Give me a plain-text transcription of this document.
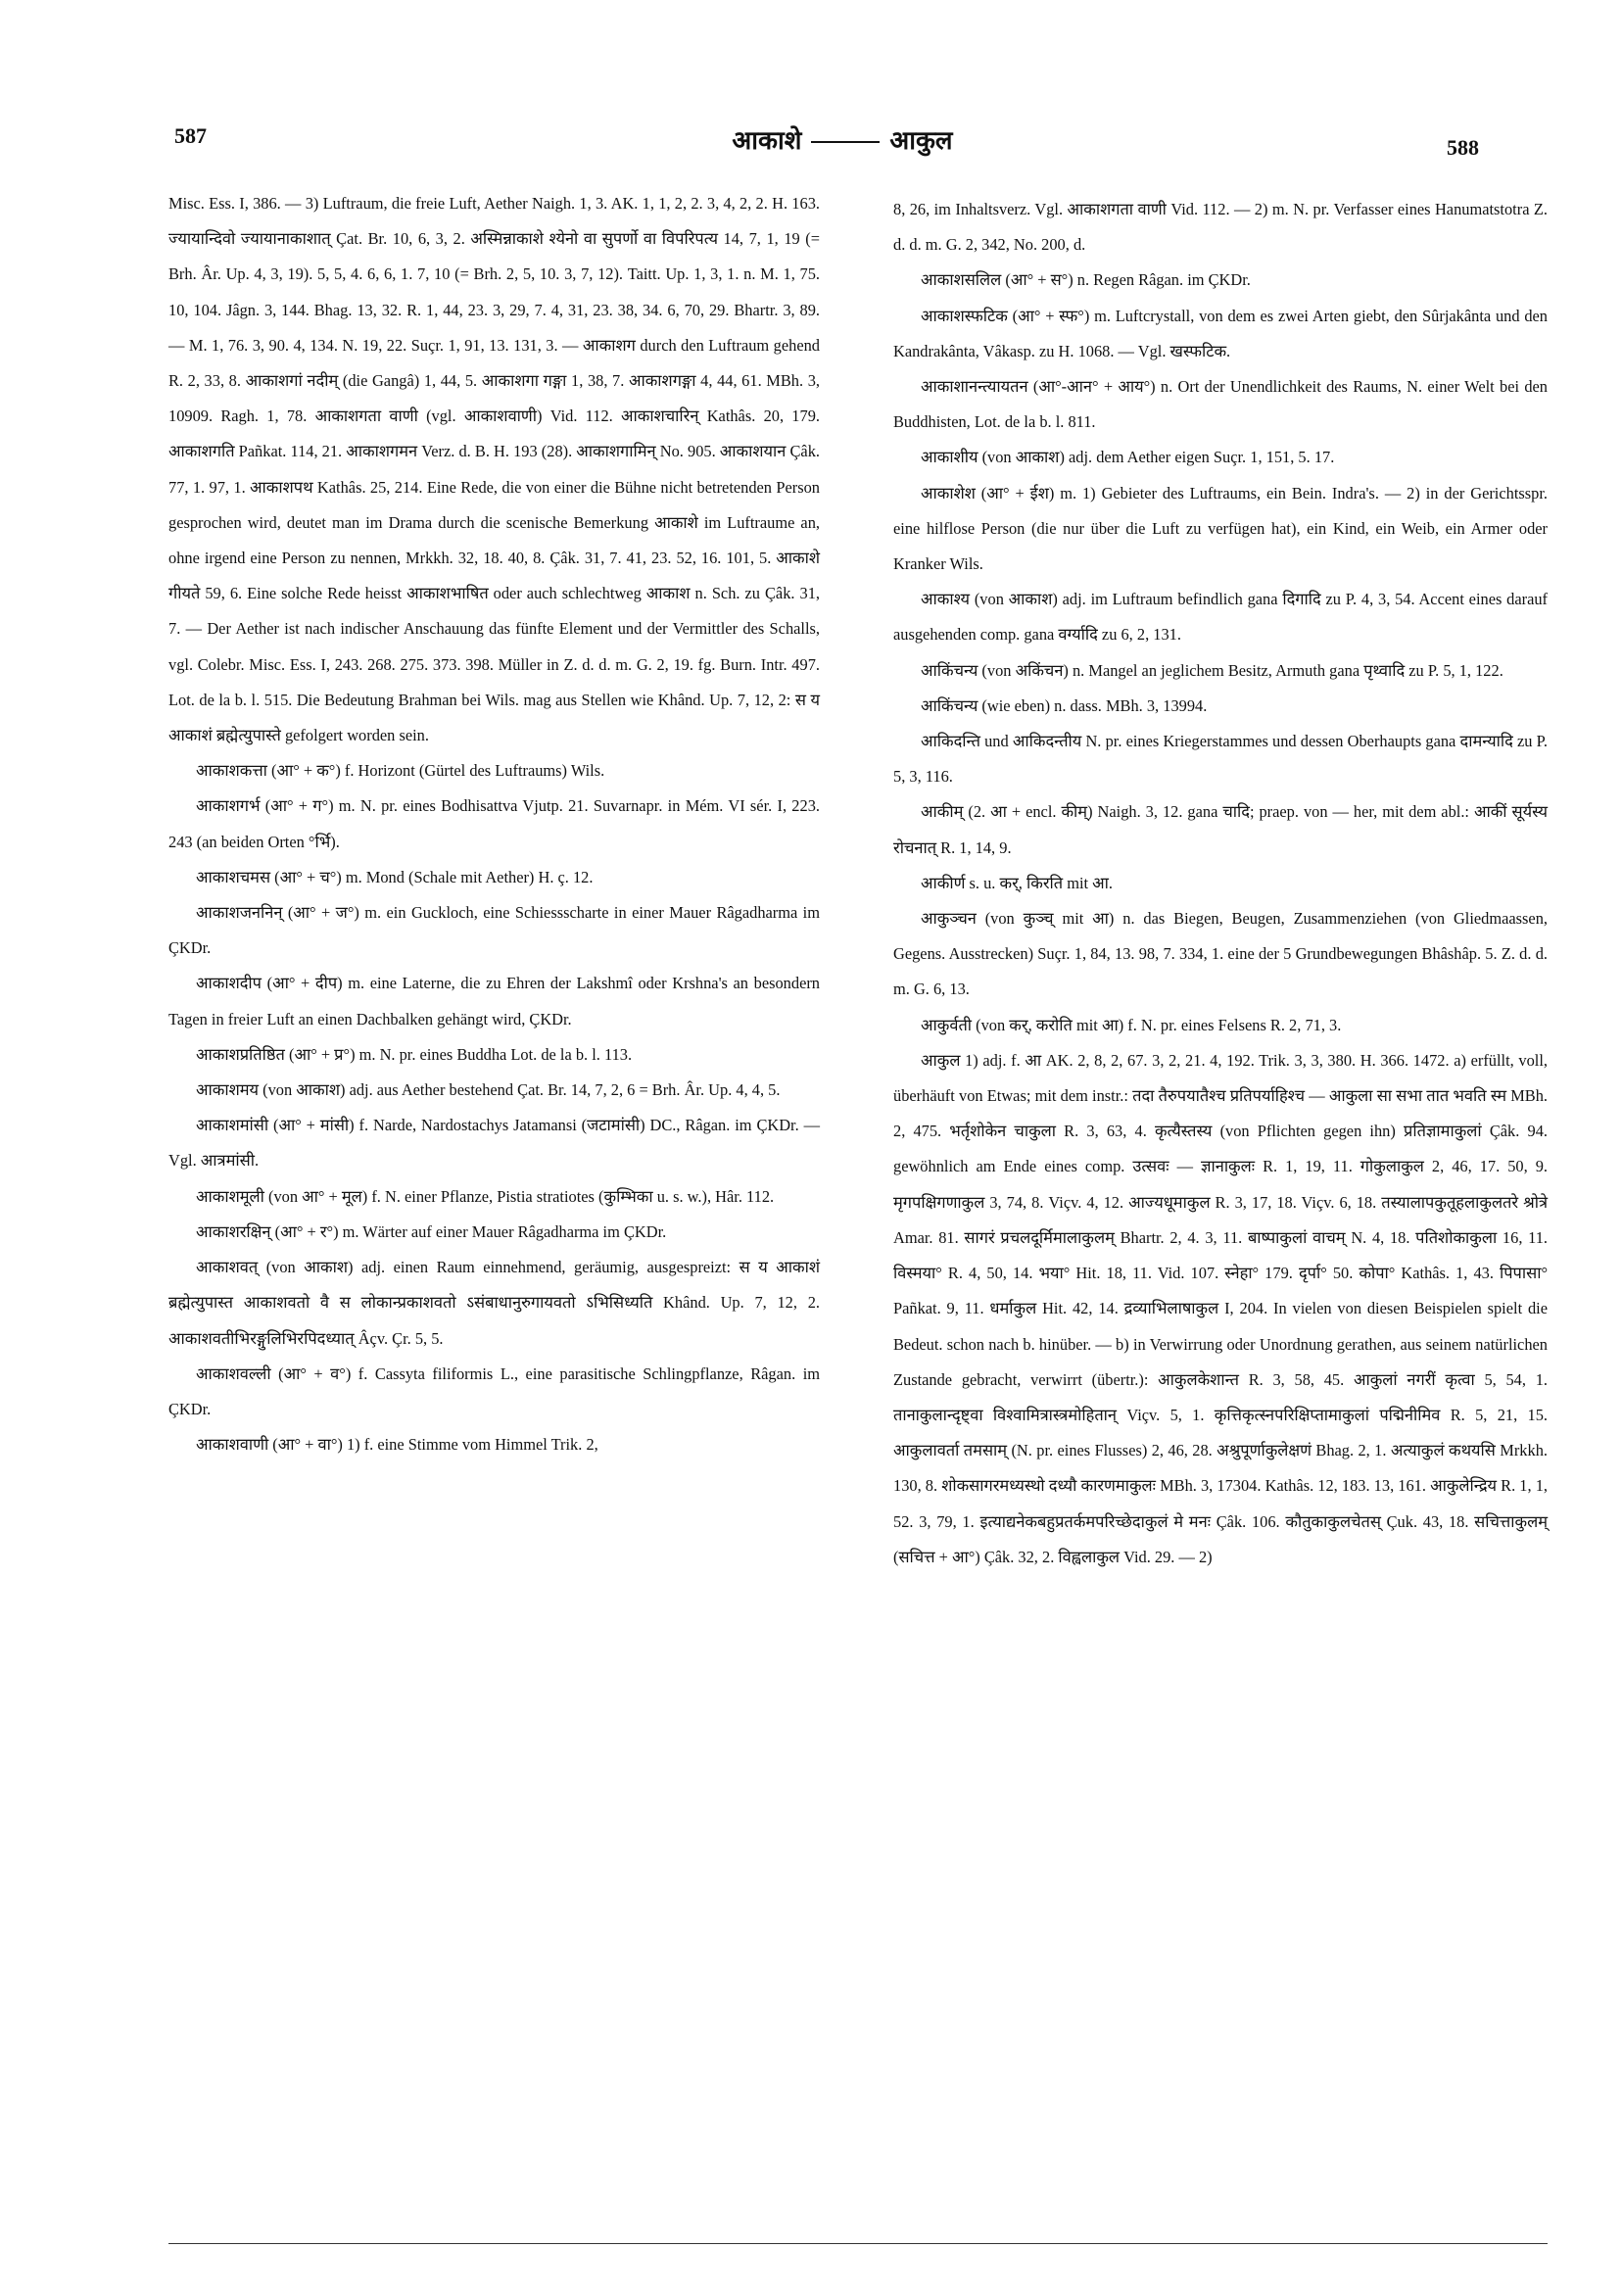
587	आकाशे	आकुल	588

Misc. Ess. I, 386. — 3) Luftraum, die freie Luft, Aether Naigh. 1, 3. AK. 1, 1, 2, 2. 3, 4, 2, 2. H. 163. ज्यायान्दिवो ज्यायानाकाशात् Çat. Br. 10, 6, 3, 2. अस्मिन्नाकाशे श्येनो वा सुपर्णो वा विपरिपत्य 14, 7, 1, 19 (= Brh. Âr. Up. 4, 3, 19). 5, 5, 4. 6, 6, 1. 7, 10 (= Brh. 2, 5, 10. 3, 7, 12). Taitt. Up. 1, 3, 1. n. M. 1, 75. 10, 104. Jâgn. 3, 144. Bhag. 13, 32. R. 1, 44, 23. 3, 29, 7. 4, 31, 23. 38, 34. 6, 70, 29. Bhartr. 3, 89. — M. 1, 76. 3, 90. 4, 134. N. 19, 22. Suçr. 1, 91, 13. 131, 3. — आकाशग durch den Luftraum gehend R. 2, 33, 8. आकाशगां नदीम् (die Gangâ) 1, 44, 5. आकाशगा गङ्गा 1, 38, 7. आकाशगङ्गा 4, 44, 61. MBh. 3, 10909. Ragh. 1, 78. आकाशगता वाणी (vgl. आकाशवाणी) Vid. 112. आकाशचारिन् Kathâs. 20, 179. आकाशगति Pañkat. 114, 21. आकाशगमन Verz. d. B. H. 193 (28). आकाशगामिन् No. 905. आकाशयान Çâk. 77, 1. 97, 1. आकाशपथ Kathâs. 25, 214. Eine Rede, die von einer die Bühne nicht betretenden Person gesprochen wird, deutet man im Drama durch die scenische Bemerkung आकाशे im Luftraume an, ohne irgend eine Person zu nennen, Mrkkh. 32, 18. 40, 8. Çâk. 31, 7. 41, 23. 52, 16. 101, 5. आकाशे गीयते 59, 6. Eine solche Rede heisst आकाशभाषित oder auch schlechtweg आकाश n. Sch. zu Çâk. 31, 7. — Der Aether ist nach indischer Anschauung das fünfte Element und der Vermittler des Schalls, vgl. Colebr. Misc. Ess. I, 243. 268. 275. 373. 398. Müller in Z. d. d. m. G. 2, 19. fg. Burn. Intr. 497. Lot. de la b. l. 515. Die Bedeutung Brahman bei Wils. mag aus Stellen wie Khând. Up. 7, 12, 2: स य आकाशं ब्रह्मेत्युपास्ते gefolgert worden sein.

आकाशकत्ता (आ° + क°) f. Horizont (Gürtel des Luftraums) Wils.

आकाशगर्भ (आ° + ग°) m. N. pr. eines Bodhisattva Vjutp. 21. Suvarnapr. in Mém. VI sér. I, 223. 243 (an beiden Orten °र्भि).

आकाशचमस (आ° + च°) m. Mond (Schale mit Aether) H. ç. 12.

आकाशजननिन् (आ° + ज°) m. ein Guckloch, eine Schiessscharte in einer Mauer Râgadharma im ÇKDr.

आकाशदीप (आ° + दीप) m. eine Laterne, die zu Ehren der Lakshmî oder Krshna's an besondern Tagen in freier Luft an einen Dachbalken gehängt wird, ÇKDr.

आकाशप्रतिष्ठित (आ° + प्र°) m. N. pr. eines Buddha Lot. de la b. l. 113.

आकाशमय (von आकाश) adj. aus Aether bestehend Çat. Br. 14, 7, 2, 6 = Brh. Âr. Up. 4, 4, 5.

आकाशमांसी (आ° + मांसी) f. Narde, Nardostachys Jatamansi (जटामांसी) DC., Râgan. im ÇKDr. — Vgl. आत्रमांसी.

आकाशमूली (von आ° + मूल) f. N. einer Pflanze, Pistia stratiotes (कुम्भिका u. s. w.), Hâr. 112.

आकाशरक्षिन् (आ° + र°) m. Wärter auf einer Mauer Râgadharma im ÇKDr.

आकाशवत् (von आकाश) adj. einen Raum einnehmend, geräumig, ausgespreizt: स य आकाशं ब्रह्मेत्युपास्त आकाशवतो वै स लोकान्प्रकाशवतो ऽसंबाधानुरुगायवतो ऽभिसिध्यति Khând. Up. 7, 12, 2. आकाशवतीभिरङ्गुलिभिरपिदध्यात् Âçv. Çr. 5, 5.

आकाशवल्ली (आ° + व°) f. Cassyta filiformis L., eine parasitische Schlingpflanze, Râgan. im ÇKDr.

आकाशवाणी (आ° + वा°) 1) f. eine Stimme vom Himmel Trik. 2,

8, 26, im Inhaltsverz. Vgl. आकाशगता वाणी Vid. 112. — 2) m. N. pr. Verfasser eines Hanumatstotra Z. d. d. m. G. 2, 342, No. 200, d.

आकाशसलिल (आ° + स°) n. Regen Râgan. im ÇKDr.

आकाशस्फटिक (आ° + स्फ°) m. Luftcrystall, von dem es zwei Arten giebt, den Sûrjakânta und den Kandrakânta, Vâkasp. zu H. 1068. — Vgl. खस्फटिक.

आकाशानन्त्यायतन (आ°-आन° + आय°) n. Ort der Unendlichkeit des Raums, N. einer Welt bei den Buddhisten, Lot. de la b. l. 811.

आकाशीय (von आकाश) adj. dem Aether eigen Suçr. 1, 151, 5. 17.

आकाशेश (आ° + ईश) m. 1) Gebieter des Luftraums, ein Bein. Indra's. — 2) in der Gerichtsspr. eine hilflose Person (die nur über die Luft zu verfügen hat), ein Kind, ein Weib, ein Armer oder Kranker Wils.

आकाश्य (von आकाश) adj. im Luftraum befindlich gana दिगादि zu P. 4, 3, 54. Accent eines darauf ausgehenden comp. gana वर्ग्यादि zu 6, 2, 131.

आकिंचन्य (von अकिंचन) n. Mangel an jeglichem Besitz, Armuth gana पृथ्वादि zu P. 5, 1, 122.

आकिंचन्य (wie eben) n. dass. MBh. 3, 13994.

आकिदन्ति und आकिदन्तीय N. pr. eines Kriegerstammes und dessen Oberhaupts gana दामन्यादि zu P. 5, 3, 116.

आकीम् (2. आ + encl. कीम्) Naigh. 3, 12. gana चादि; praep. von — her, mit dem abl.: आकीं सूर्यस्य रोचनात् R. 1, 14, 9.

आकीर्ण s. u. कर्, किरति mit आ.

आकुञ्चन (von कुञ्च् mit आ) n. das Biegen, Beugen, Zusammenziehen (von Gliedmaassen, Gegens. Ausstrecken) Suçr. 1, 84, 13. 98, 7. 334, 1. eine der 5 Grundbewegungen Bhâshâp. 5. Z. d. d. m. G. 6, 13.

आकुर्वती (von कर्, करोति mit आ) f. N. pr. eines Felsens R. 2, 71, 3.

आकुल 1) adj. f. आ AK. 2, 8, 2, 67. 3, 2, 21. 4, 192. Trik. 3, 3, 380. H. 366. 1472. a) erfüllt, voll, überhäuft von Etwas; mit dem instr.: तदा तैरुपयातैश्च प्रतिपर्याहिश्च — आकुला सा सभा तात भवति स्म MBh. 2, 475. भर्तृशोकेन चाकुला R. 3, 63, 4. कृत्यैस्तस्य (von Pflichten gegen ihn) प्रतिज्ञामाकुलां Çâk. 94. gewöhnlich am Ende eines comp. उत्सवः — ज्ञानाकुलः R. 1, 19, 11. गोकुलाकुल 2, 46, 17. 50, 9. मृगपक्षिगणाकुल 3, 74, 8. Viçv. 4, 12. आज्यधूमाकुल R. 3, 17, 18. Viçv. 6, 18. तस्यालापकुतूहलाकुलतरे श्रोत्रे Amar. 81. सागरं प्रचलदूर्मिमालाकुलम् Bhartr. 2, 4. 3, 11. बाष्पाकुलां वाचम् N. 4, 18. पतिशोकाकुला 16, 11. विस्मया° R. 4, 50, 14. भया° Hit. 18, 11. Vid. 107. स्नेहा° 179. दृर्पा° 50. कोपा° Kathâs. 1, 43. पिपासा° Pañkat. 9, 11. धर्माकुल Hit. 42, 14. द्रव्याभिलाषाकुल I, 204. In vielen von diesen Beispielen spielt die Bedeut. schon nach b. hinüber. — b) in Verwirrung oder Unordnung gerathen, aus seinem natürlichen Zustande gebracht, verwirrt (übertr.): आकुलकेशान्त R. 3, 58, 45. आकुलां नगरीं कृत्वा 5, 54, 1. तानाकुलान्दृष्ट्वा विश्वामित्रास्त्रमोहितान् Viçv. 5, 1. कृत्तिकृत्स्नपरिक्षिप्तामाकुलां पद्मिनीमिव R. 5, 21, 15. आकुलावर्ता तमसाम् (N. pr. eines Flusses) 2, 46, 28. अश्रुपूर्णाकुलेक्षणं Bhag. 2, 1. अत्याकुलं कथयसि Mrkkh. 130, 8. शोकसागरमध्यस्थो दध्यौ कारणमाकुलः MBh. 3, 17304. Kathâs. 12, 183. 13, 161. आकुलेन्द्रिय R. 1, 1, 52. 3, 79, 1. इत्याद्यनेकबहुप्रतर्कमपरिच्छेदाकुलं मे मनः Çâk. 106. कौतुकाकुलचेतस् Çuk. 43, 18. सचित्ताकुलम् (सचित्त + आ°) Çâk. 32, 2. विह्वलाकुल Vid. 29. — 2)
